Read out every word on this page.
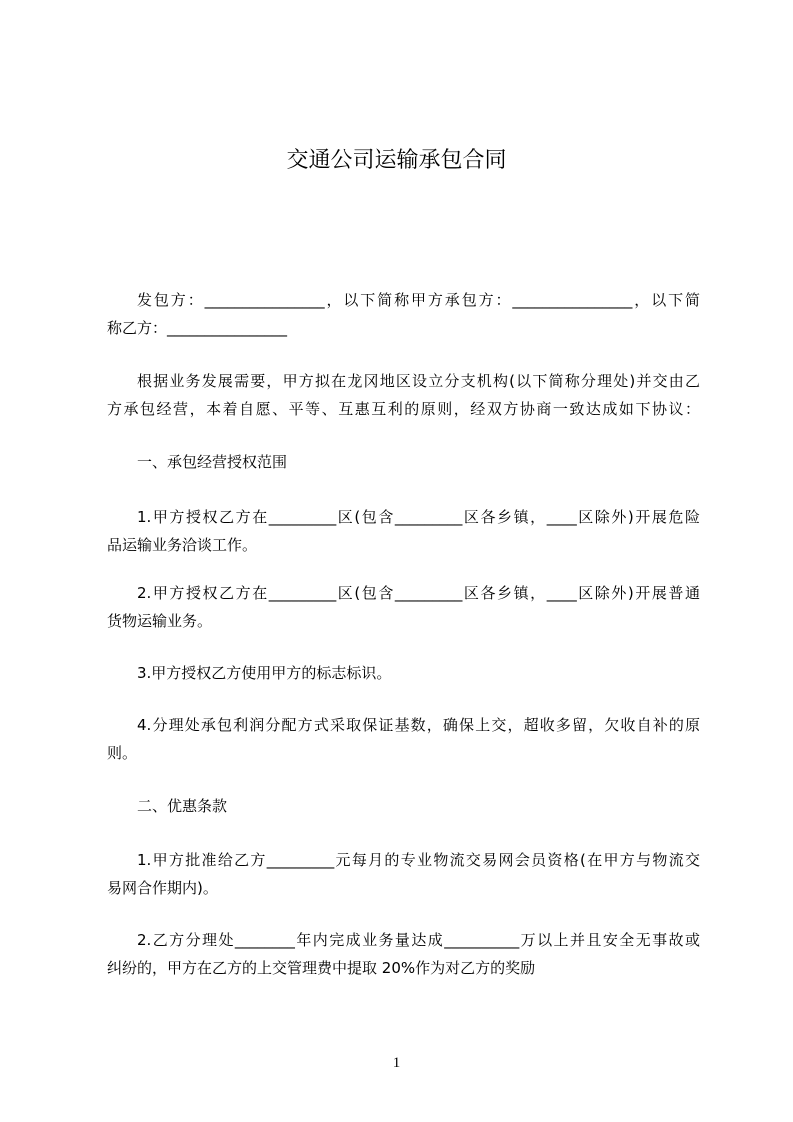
交通公司运输承包合同
发包方：________________，以下简称甲方承包方：________________，以下简
称乙方：________________
根据业务发展需要，甲方拟在龙冈地区设立分支机构(以下简称分理处)并交由乙
方承包经营，本着自愿、平等、互惠互利的原则，经双方协商一致达成如下协议：
一、承包经营授权范围
1.甲方授权乙方在_________区(包含_________区各乡镇，____区除外)开展危险
品运输业务洽谈工作。
2.甲方授权乙方在_________区(包含_________区各乡镇，____区除外)开展普通
货物运输业务。
3.甲方授权乙方使用甲方的标志标识。
4.分理处承包利润分配方式采取保证基数，确保上交，超收多留，欠收自补的原
则。
二、优惠条款
1.甲方批准给乙方_________元每月的专业物流交易网会员资格(在甲方与物流交
易网合作期内)。
2.乙方分理处________年内完成业务量达成__________万以上并且安全无事故或
纠纷的，甲方在乙方的上交管理费中提取 20%作为对乙方的奖励
1
